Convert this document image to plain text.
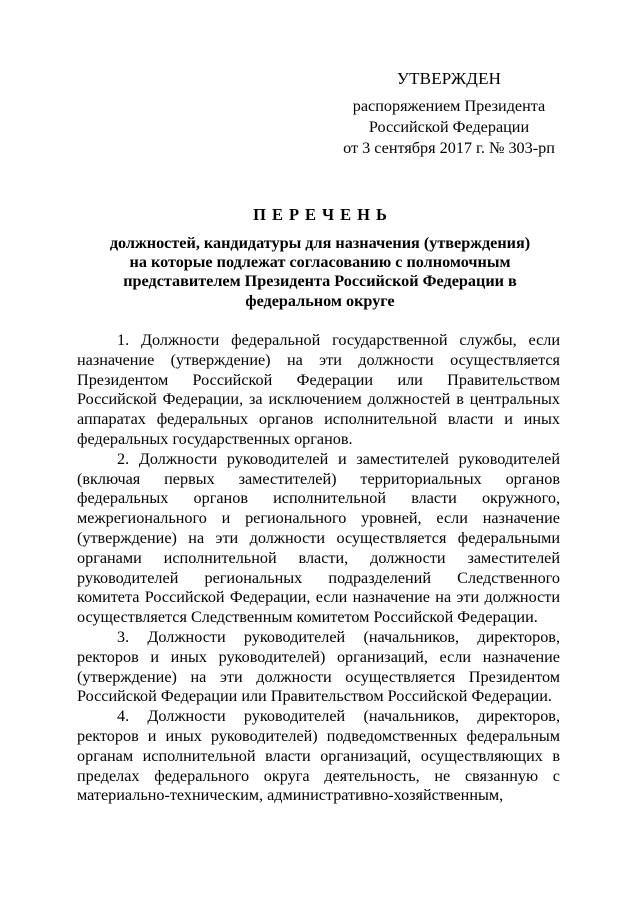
УТВЕРЖДЕН
распоряжением Президента
Российской Федерации
от 3 сентября 2017 г. № 303-рп
ПЕРЕЧЕНЬ
должностей, кандидатуры для назначения (утверждения) на которые подлежат согласованию с полномочным представителем Президента Российской Федерации в федеральном округе

1. Должности федеральной государственной службы, если назначение (утверждение) на эти должности осуществляется Президентом Российской Федерации или Правительством Российской Федерации, за исключением должностей в центральных аппаратах федеральных органов исполнительной власти и иных федеральных государственных органов.

2. Должности руководителей и заместителей руководителей (включая первых заместителей) территориальных органов федеральных органов исполнительной власти окружного, межрегионального и регионального уровней, если назначение (утверждение) на эти должности осуществляется федеральными органами исполнительной власти, должности заместителей руководителей региональных подразделений Следственного комитета Российской Федерации, если назначение на эти должности осуществляется Следственным комитетом Российской Федерации.

3. Должности руководителей (начальников, директоров, ректоров и иных руководителей) организаций, если назначение (утверждение) на эти должности осуществляется Президентом Российской Федерации или Правительством Российской Федерации.

4. Должности руководителей (начальников, директоров, ректоров и иных руководителей) подведомственных федеральным органам исполнительной власти организаций, осуществляющих в пределах федерального округа деятельность, не связанную с материально-техническим, административно-хозяйственным,
